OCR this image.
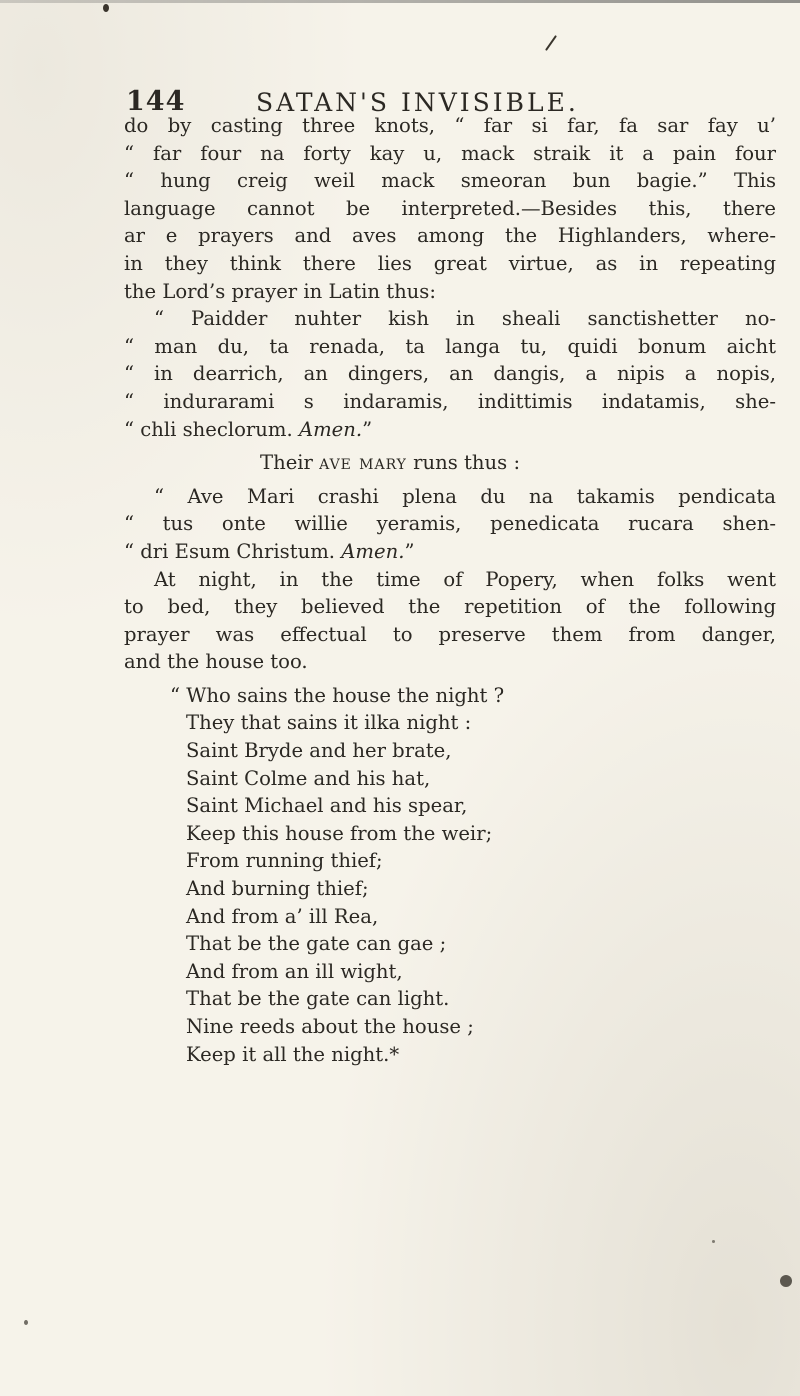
144	SATAN'S INVISIBLE.
do by casting three knots, “ far si far, fa sar fay u’
“ far four na forty kay u, mack straik it a pain four
“ hung creig weil mack smeoran bun bagie.” This
language cannot be interpreted.—Besides this, there
ar e prayers and aves among the Highlanders, where-
in they think there lies great virtue, as in repeating
the Lord’s prayer in Latin thus:
“ Paidder nuhter kish in sheali sanctishetter no-
“ man du, ta renada, ta langa tu, quidi bonum aicht
“ in dearrich, an dingers, an dangis, a nipis a nopis,
“ indurarami s indaramis, indittimis indatamis, she-
“ chli sheclorum. Amen.”
Their ave mary runs thus :
“ Ave Mari crashi plena du na takamis pendicata
“ tus onte willie yeramis, penedicata rucara shen-
“ dri Esum Christum. Amen.”
At night, in the time of Popery, when folks went
to bed, they believed the repetition of the following
prayer was effectual to preserve them from danger,
and the house too.
“ Who sains the house the night ?
They that sains it ilka night :
Saint Bryde and her brate,
Saint Colme and his hat,
Saint Michael and his spear,
Keep this house from the weir;
From running thief;
And burning thief;
And from a’ ill Rea,
That be the gate can gae ;
And from an ill wight,
That be the gate can light.
Nine reeds about the house ;
Keep it all the night.*
